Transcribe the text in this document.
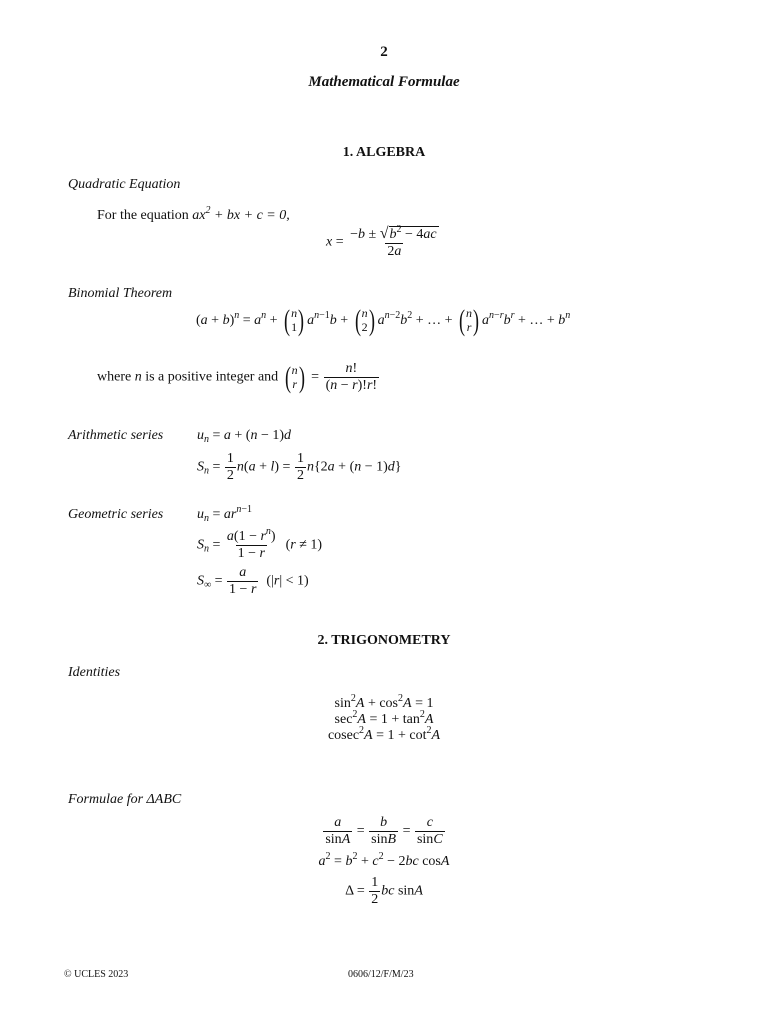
2
Mathematical Formulae
1. ALGEBRA
Quadratic Equation
For the equation $ax^2$ + bx + c = 0,
$x = \frac{-b \pm √ b^2 - 4ac}{2a}$
Binomial Theorem
$(a + b)^n = a^n$ + ( n
1 ) $a^{n-1}b$ + ( n
2 ) $a^{n-2}b^2$ + … + ( n
r ) $a^{n-r}b^r$ + … + $b^n$
where n is a positive integer and ( n
r ) = $\frac{n!}{(n - r)!r!}$
Arithmetic series $u_n = a + (n - 1)d$
$S_n = \frac{1}{2} n(a + l) = \frac{1}{2} n\{2a + (n - 1)d\}$
Geometric series $u_n = ar^{n-1}$
$S_n = \frac{a(1 - r^n)}{1 - r} (r \ne 1)$
$S_\infty = \frac{a}{1 - r} (|r| < 1)$
2. TRIGONOMETRY
Identities
$\sin^2A + \cos^2A = 1$
$\sec^2A = 1 + \tan^2A$
$cosec^2A = 1 + \cot^2A$
Formulae for ΔABC
$\frac{a}{\sin A} = \frac{b}{\sin B} = \frac{c}{\sin C}$
$a^2 = b^2 + c^2 - 2bc$ cosA
$\Delta = \frac{1}{2}$ bc sinA
© UCLES 2023	0606/12/F/M/23
